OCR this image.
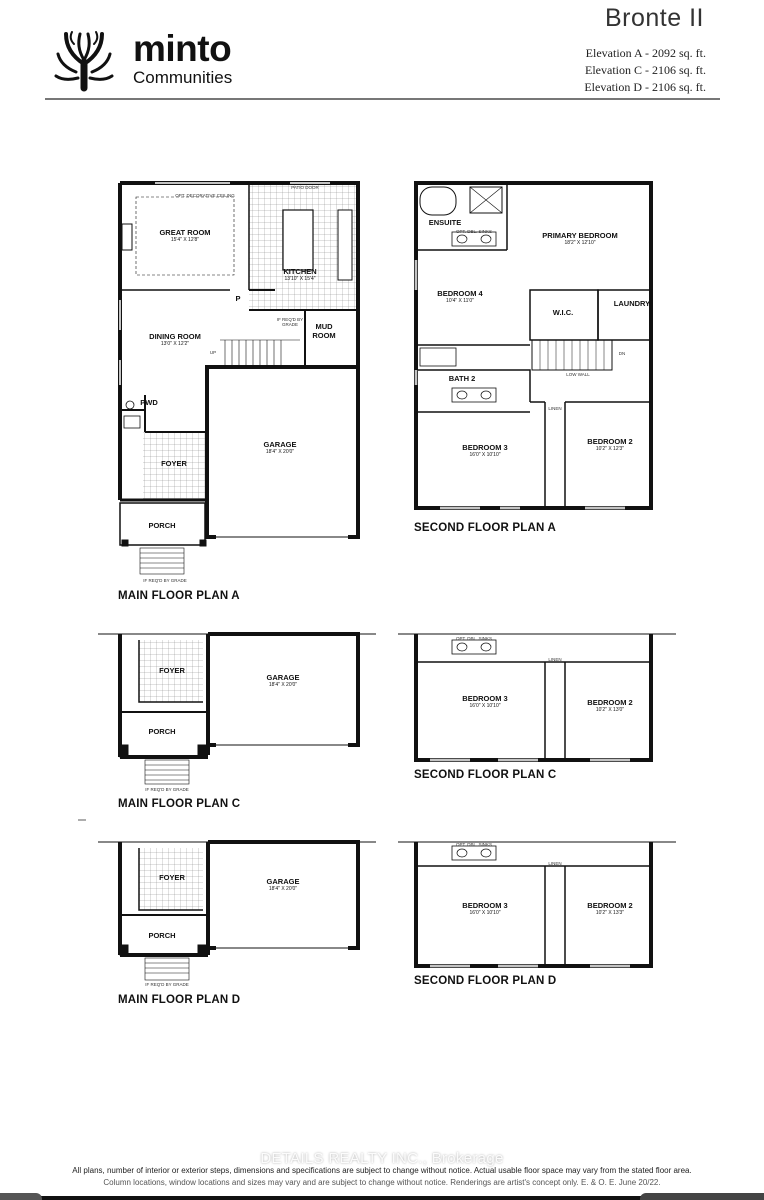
minto
Communities
Bronte II
Elevation A - 2092 sq. ft.
Elevation C - 2106 sq. ft.
Elevation D - 2106 sq. ft.
OPT. DECORATIVE CEILING
PATIO DOOR
GREAT ROOM
15'4" X 12'8"
KITCHEN
13'10" X 15'4"
DINING ROOM
13'0" X 12'2"
MUD ROOM
P
IF REQ'D BY GRADE
UP
PWD
FOYER
PORCH
GARAGE
18'4" X 20'0"
IF REQ'D BY GRADE
MAIN FLOOR PLAN A
ENSUITE
OPT. DBL. SINKS	PRIMARY BEDROOM
18'2" X 12'10"
BEDROOM 4
10'4" X 11'0"
W.I.C.
LAUNDRY
DN
LOW WALL
BATH 2
BEDROOM 3
16'0" X 10'10"
BEDROOM 2
10'2" X 12'3"
LINEN
SECOND FLOOR PLAN A
FOYER
PORCH
GARAGE
18'4" X 20'0"
IF REQ'D BY GRADE
MAIN FLOOR PLAN C
OPT. DBL. SINKS
BEDROOM 3
16'0" X 10'10"	BEDROOM 2
10'2" X 13'0"
LINEN
SECOND FLOOR PLAN C
FOYER
PORCH
GARAGE
18'4" X 20'0"
IF REQ'D BY GRADE
MAIN FLOOR PLAN D
OPT. DBL. SINKS
BEDROOM 3
16'0" X 10'10"
BEDROOM 2
10'2" X 13'3"
LINEN
SECOND FLOOR PLAN D
DETAILS REALTY INC., Brokerage
All plans, number of interior or exterior steps, dimensions and specifications are subject to change without notice. Actual usable floor space may vary from the stated floor area.
Column locations, window locations and sizes may vary and are subject to change without notice. Renderings are artist's concept only. E. & O. E. June 20/22.
